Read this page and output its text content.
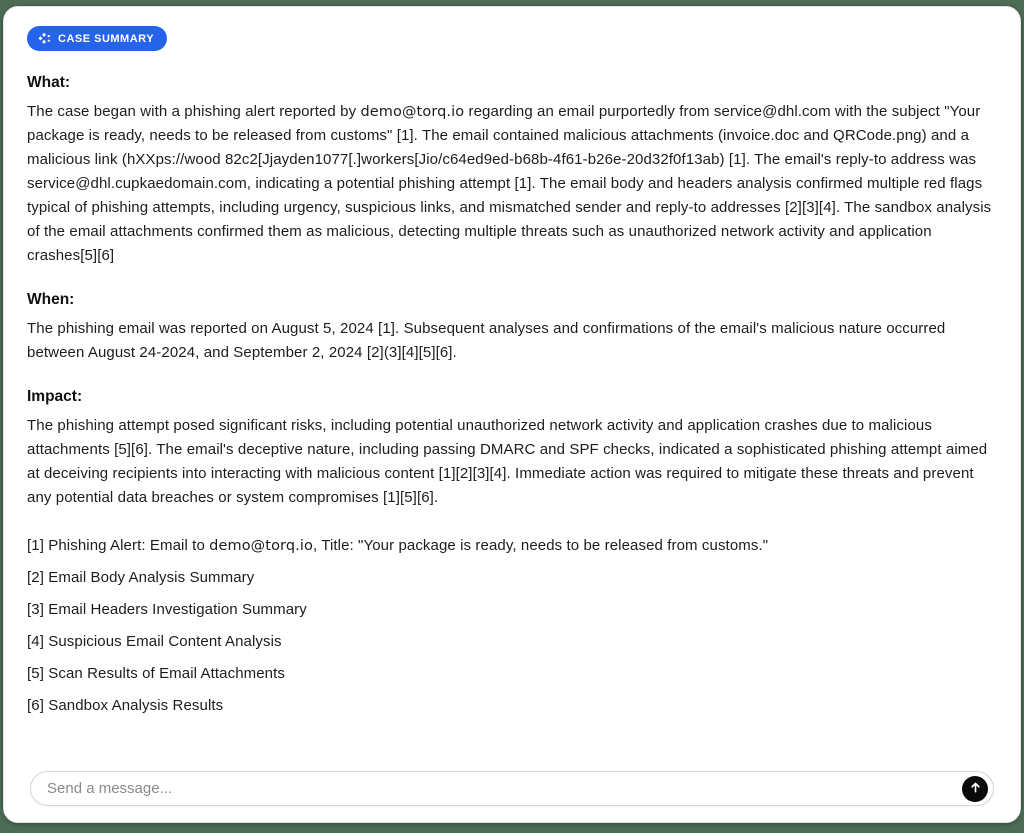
CASE SUMMARY
What:

The case began with a phishing alert reported by demo@torq.io regarding an email purportedly from service@dhl.com with the subject "Your package is ready, needs to be released from customs" [1]. The email contained malicious attachments (invoice.doc and QRCode.png) and a malicious link (hXXps://wood 82c2[Jjayden1077[.]workers[Jio/c64ed9ed-b68b-4f61-b26e-20d32f0f13ab) [1]. The email's reply-to address was service@dhl.cupkaedomain.com, indicating a potential phishing attempt [1]. The email body and headers analysis confirmed multiple red flags typical of phishing attempts, including urgency, suspicious links, and mismatched sender and reply-to addresses [2][3][4]. The sandbox analysis of the email attachments confirmed them as malicious, detecting multiple threats such as unauthorized network activity and application crashes[5][6]

When:

The phishing email was reported on August 5, 2024 [1]. Subsequent analyses and confirmations of the email's malicious nature occurred between August 24-2024, and September 2, 2024 [2](3][4][5][6].

Impact:

The phishing attempt posed significant risks, including potential unauthorized network activity and application crashes due to malicious attachments [5][6]. The email's deceptive nature, including passing DMARC and SPF checks, indicated a sophisticated phishing attempt aimed at deceiving recipients into interacting with malicious content [1][2][3][4]. Immediate action was required to mitigate these threats and prevent any potential data breaches or system compromises [1][5][6].

[1] Phishing Alert: Email to demo@torq.io, Title: "Your package is ready, needs to be released from customs."

[2] Email Body Analysis Summary

[3] Email Headers Investigation Summary

[4] Suspicious Email Content Analysis

[5] Scan Results of Email Attachments

[6] Sandbox Analysis Results

Send a message...
